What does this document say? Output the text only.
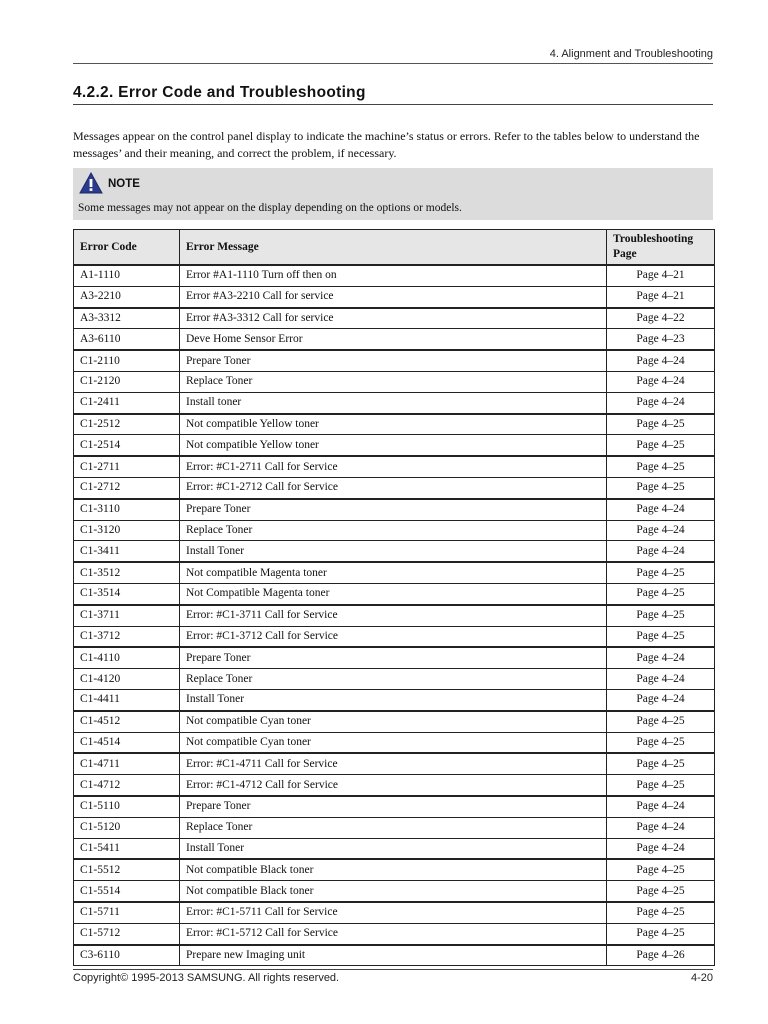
4. Alignment and Troubleshooting
4.2.2. Error Code and Troubleshooting
Messages appear on the control panel display to indicate the machine’s status or errors. Refer to the tables below to understand the messages’ and their meaning, and correct the problem, if necessary.
NOTE
Some messages may not appear on the display depending on the options or models.
Error Code	Error Message	Troubleshooting Page
A1-1110	Error #A1-1110 Turn off then on	Page 4–21
A3-2210	Error #A3-2210 Call for service	Page 4–21
A3-3312	Error #A3-3312 Call for service	Page 4–22
A3-6110	Deve Home Sensor Error	Page 4–23
C1-2110	Prepare Toner	Page 4–24
C1-2120	Replace Toner	Page 4–24
C1-2411	Install toner	Page 4–24
C1-2512	Not compatible Yellow toner	Page 4–25
C1-2514	Not compatible Yellow toner	Page 4–25
C1-2711	Error: #C1-2711 Call for Service	Page 4–25
C1-2712	Error: #C1-2712 Call for Service	Page 4–25
C1-3110	Prepare Toner	Page 4–24
C1-3120	Replace Toner	Page 4–24
C1-3411	Install Toner	Page 4–24
C1-3512	Not compatible Magenta toner	Page 4–25
C1-3514	Not Compatible Magenta toner	Page 4–25
C1-3711	Error: #C1-3711 Call for Service	Page 4–25
C1-3712	Error: #C1-3712 Call for Service	Page 4–25
C1-4110	Prepare Toner	Page 4–24
C1-4120	Replace Toner	Page 4–24
C1-4411	Install Toner	Page 4–24
C1-4512	Not compatible Cyan toner	Page 4–25
C1-4514	Not compatible Cyan toner	Page 4–25
C1-4711	Error: #C1-4711 Call for Service	Page 4–25
C1-4712	Error: #C1-4712 Call for Service	Page 4–25
C1-5110	Prepare Toner	Page 4–24
C1-5120	Replace Toner	Page 4–24
C1-5411	Install Toner	Page 4–24
C1-5512	Not compatible Black toner	Page 4–25
C1-5514	Not compatible Black toner	Page 4–25
C1-5711	Error: #C1-5711 Call for Service	Page 4–25
C1-5712	Error: #C1-5712 Call for Service	Page 4–25
C3-6110	Prepare new Imaging unit	Page 4–26
Copyright© 1995-2013 SAMSUNG. All rights reserved.	4-20
